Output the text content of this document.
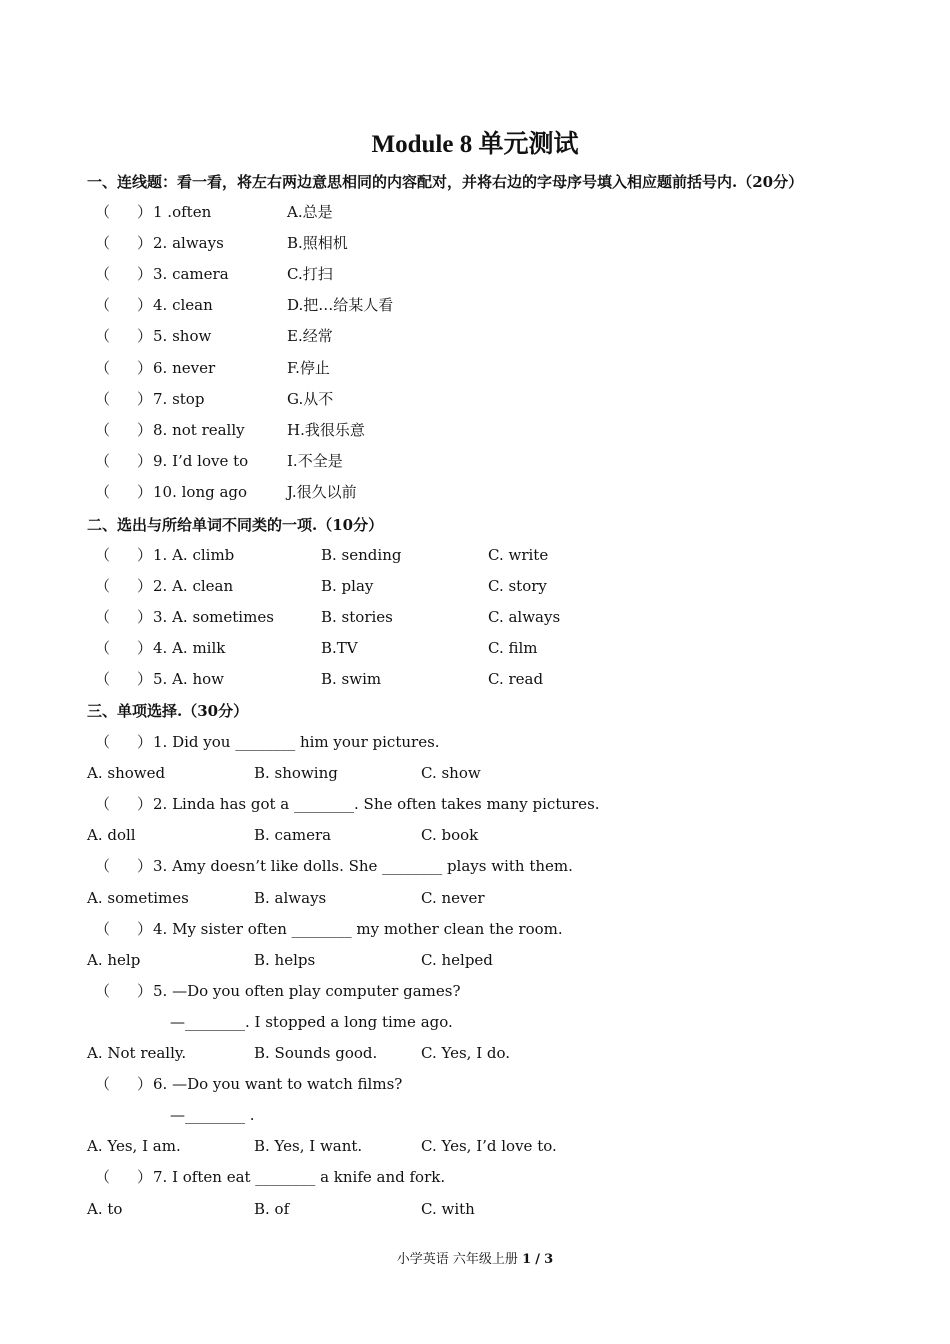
Module 8 单元测试
一、连线题：看一看，将左右两边意思相同的内容配对，并将右边的字母序号填入相应题前括号内.（20分）
（ ） 1 .often	A.总是
（ ） 2. always	B.照相机
（ ） 3. camera	C.打扫
（ ） 4. clean	D.把…给某人看
（ ） 5. show	E.经常
（ ） 6. never	F.停止
（ ） 7. stop	G.从不
（ ） 8. not really	H.我很乐意
（ ） 9. I’d love to	I.不全是
（ ） 10. long ago	J.很久以前
二、选出与所给单词不同类的一项.（10分）
（ ） 1. A. climb	B. sending	C. write
（ ） 2. A. clean	B. play	C. story
（ ） 3. A. sometimes	B. stories	C. always
（ ） 4. A. milk	B.TV	C. film
（ ） 5. A. how	B. swim	C. read
三、单项选择.（30分）
（ ） 1. Did you ________ him your pictures.
A. showed	B. showing	C. show
（ ） 2. Linda has got a ________. She often takes many pictures.
A. doll	B. camera	C. book
（ ） 3. Amy doesn’t like dolls. She ________ plays with them.
A. sometimes	B. always	C. never
（ ） 4. My sister often ________ my mother clean the room.
A. help	B. helps	C. helped
（ ） 5. —Do you often play computer games?
—________. I stopped a long time ago.
A. Not really.	B. Sounds good.	C. Yes, I do.
（ ） 6. —Do you want to watch films?
—________ .
A. Yes, I am.	B. Yes, I want.	C. Yes, I’d love to.
（ ） 7. I often eat ________ a knife and fork.
A. to	B. of	C. with
小学英语 六年级上册 1 / 3
